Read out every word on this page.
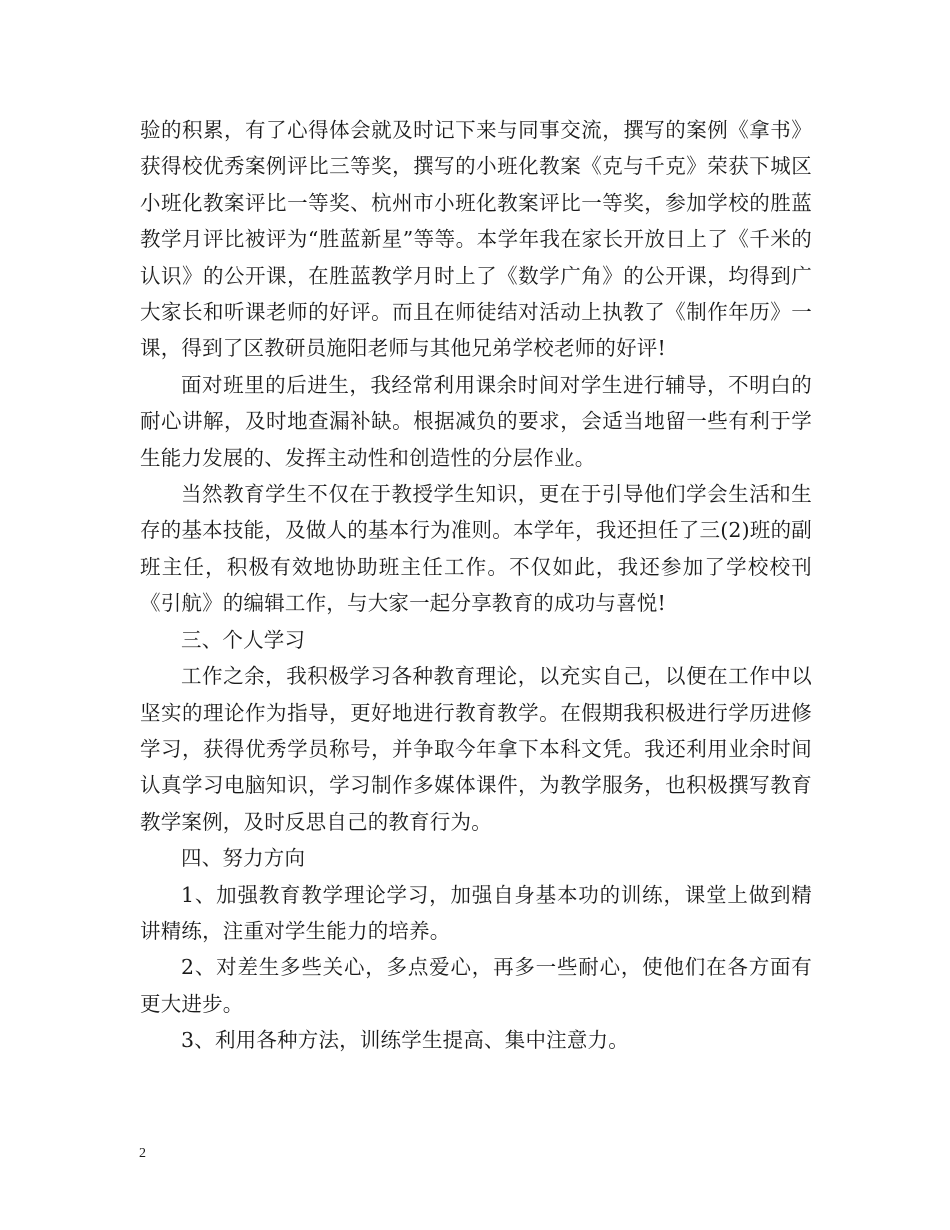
验的积累，有了心得体会就及时记下来与同事交流，撰写的案例《拿书》获得校优秀案例评比三等奖，撰写的小班化教案《克与千克》荣获下城区小班化教案评比一等奖、杭州市小班化教案评比一等奖，参加学校的胜蓝教学月评比被评为“胜蓝新星”等等。本学年我在家长开放日上了《千米的认识》的公开课，在胜蓝教学月时上了《数学广角》的公开课，均得到广大家长和听课老师的好评。而且在师徒结对活动上执教了《制作年历》一课，得到了区教研员施阳老师与其他兄弟学校老师的好评!

面对班里的后进生，我经常利用课余时间对学生进行辅导，不明白的耐心讲解，及时地查漏补缺。根据减负的要求，会适当地留一些有利于学生能力发展的、发挥主动性和创造性的分层作业。

当然教育学生不仅在于教授学生知识，更在于引导他们学会生活和生存的基本技能，及做人的基本行为准则。本学年，我还担任了三(2)班的副班主任，积极有效地协助班主任工作。不仅如此，我还参加了学校校刊《引航》的编辑工作，与大家一起分享教育的成功与喜悦!

三、个人学习

工作之余，我积极学习各种教育理论，以充实自己，以便在工作中以坚实的理论作为指导，更好地进行教育教学。在假期我积极进行学历进修学习，获得优秀学员称号，并争取今年拿下本科文凭。我还利用业余时间认真学习电脑知识，学习制作多媒体课件，为教学服务，也积极撰写教育教学案例，及时反思自己的教育行为。

四、努力方向

1、加强教育教学理论学习，加强自身基本功的训练，课堂上做到精讲精练，注重对学生能力的培养。

2、对差生多些关心，多点爱心，再多一些耐心，使他们在各方面有更大进步。

3、利用各种方法，训练学生提高、集中注意力。

2
